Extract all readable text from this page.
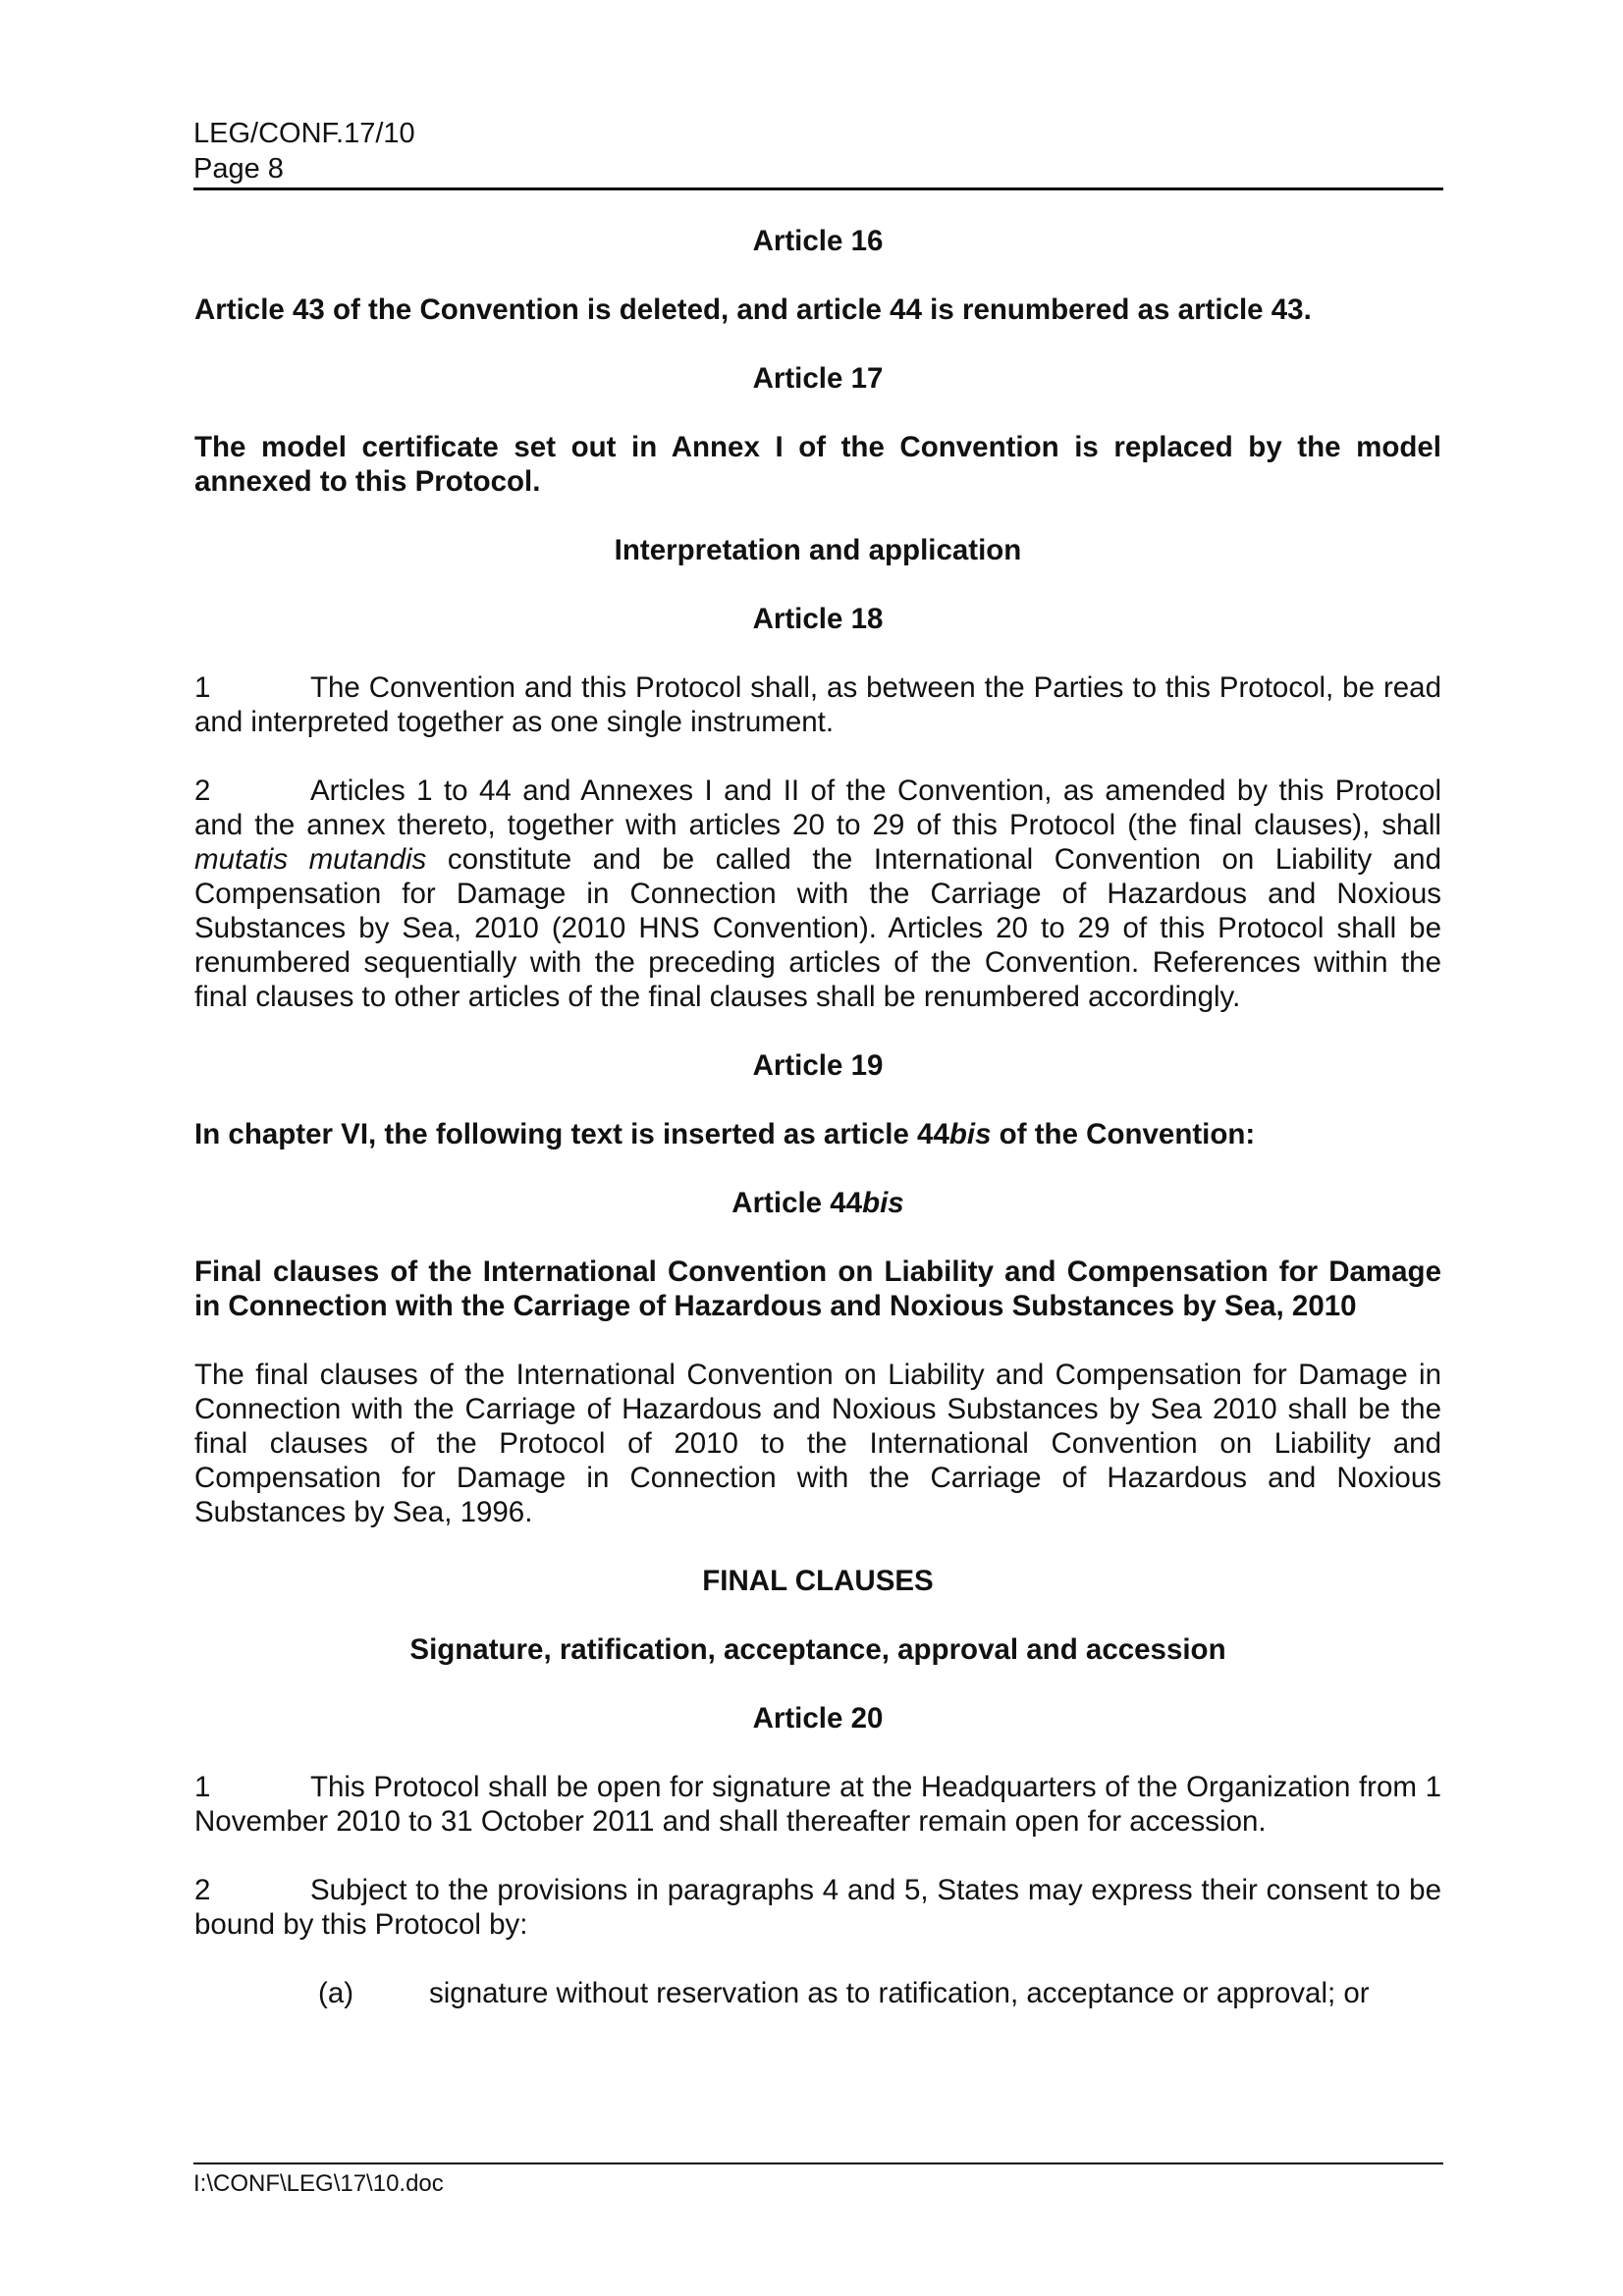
LEG/CONF.17/10
Page 8

Article 16

Article 43 of the Convention is deleted, and article 44 is renumbered as article 43.

Article 17

The model certificate set out in Annex I of the Convention is replaced by the model annexed to this Protocol.

Interpretation and application

Article 18

1	The Convention and this Protocol shall, as between the Parties to this Protocol, be read and interpreted together as one single instrument.

2	Articles 1 to 44 and Annexes I and II of the Convention, as amended by this Protocol and the annex thereto, together with articles 20 to 29 of this Protocol (the final clauses), shall mutatis mutandis constitute and be called the International Convention on Liability and Compensation for Damage in Connection with the Carriage of Hazardous and Noxious Substances by Sea, 2010 (2010 HNS Convention). Articles 20 to 29 of this Protocol shall be renumbered sequentially with the preceding articles of the Convention. References within the final clauses to other articles of the final clauses shall be renumbered accordingly.

Article 19

In chapter VI, the following text is inserted as article 44bis of the Convention:

Article 44bis

Final clauses of the International Convention on Liability and Compensation for Damage in Connection with the Carriage of Hazardous and Noxious Substances by Sea, 2010

The final clauses of the International Convention on Liability and Compensation for Damage in Connection with the Carriage of Hazardous and Noxious Substances by Sea 2010 shall be the final clauses of the Protocol of 2010 to the International Convention on Liability and Compensation for Damage in Connection with the Carriage of Hazardous and Noxious Substances by Sea, 1996.

FINAL CLAUSES

Signature, ratification, acceptance, approval and accession

Article 20

1	This Protocol shall be open for signature at the Headquarters of the Organization from 1 November 2010 to 31 October 2011 and shall thereafter remain open for accession.

2	Subject to the provisions in paragraphs 4 and 5, States may express their consent to be bound by this Protocol by:

(a)	signature without reservation as to ratification, acceptance or approval; or

I:\CONF\LEG\17\10.doc
